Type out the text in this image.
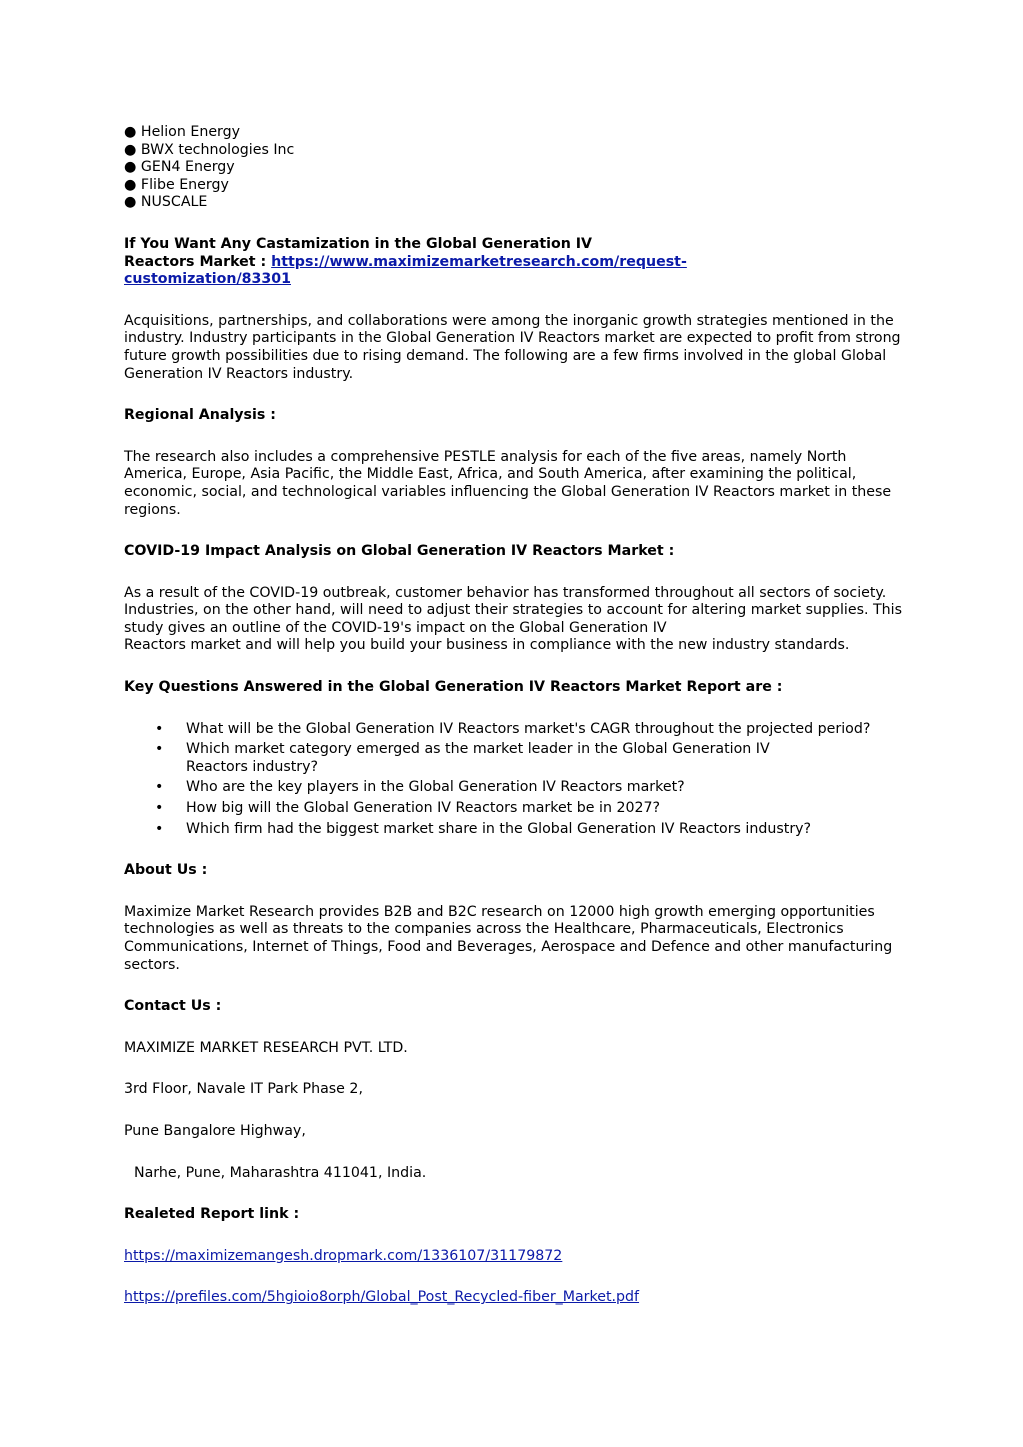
● Helion Energy
● BWX technologies Inc
● GEN4 Energy
● Flibe Energy
● NUSCALE
If You Want Any Castamization in the Global Generation IV
Reactors Market : https://www.maximizemarketresearch.com/request-
customization/83301

Acquisitions, partnerships, and collaborations were among the inorganic growth strategies mentioned in the industry. Industry participants in the Global Generation IV Reactors market are expected to profit from strong future growth possibilities due to rising demand. The following are a few firms involved in the global Global Generation IV Reactors industry.

Regional Analysis :

The research also includes a comprehensive PESTLE analysis for each of the five areas, namely North America, Europe, Asia Pacific, the Middle East, Africa, and South America, after examining the political, economic, social, and technological variables influencing the Global Generation IV Reactors market in these regions.

COVID-19 Impact Analysis on Global Generation IV Reactors Market :

As a result of the COVID-19 outbreak, customer behavior has transformed throughout all sectors of society. Industries, on the other hand, will need to adjust their strategies to account for altering market supplies. This study gives an outline of the COVID-19's impact on the Global Generation IV
Reactors market and will help you build your business in compliance with the new industry standards.

Key Questions Answered in the Global Generation IV Reactors Market Report are :

• What will be the Global Generation IV Reactors market's CAGR throughout the projected period?
• Which market category emerged as the market leader in the Global Generation IV Reactors industry?
• Who are the key players in the Global Generation IV Reactors market?
• How big will the Global Generation IV Reactors market be in 2027?
• Which firm had the biggest market share in the Global Generation IV Reactors industry?

About Us :

Maximize Market Research provides B2B and B2C research on 12000 high growth emerging opportunities technologies as well as threats to the companies across the Healthcare, Pharmaceuticals, Electronics Communications, Internet of Things, Food and Beverages, Aerospace and Defence and other manufacturing sectors.

Contact Us :

MAXIMIZE MARKET RESEARCH PVT. LTD.

3rd Floor, Navale IT Park Phase 2,

Pune Bangalore Highway,

Narhe, Pune, Maharashtra 411041, India.

Realeted Report link :

https://maximizemangesh.dropmark.com/1336107/31179872

https://prefiles.com/5hgioio8orph/Global_Post_Recycled-fiber_Market.pdf
